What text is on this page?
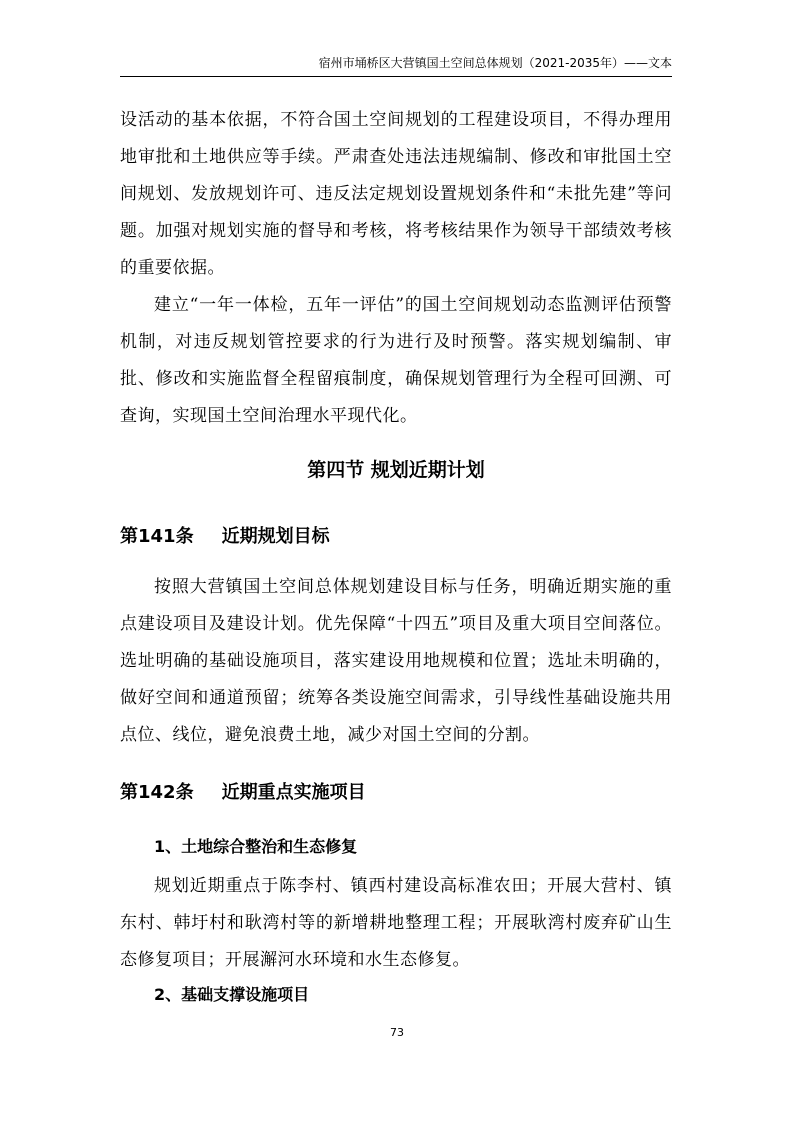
宿州市埇桥区大营镇国土空间总体规划（2021-2035年）——文本
设活动的基本依据，不符合国土空间规划的工程建设项目，不得办理用地审批和土地供应等手续。严肃查处违法违规编制、修改和审批国土空间规划、发放规划许可、违反法定规划设置规划条件和“未批先建”等问题。加强对规划实施的督导和考核，将考核结果作为领导干部绩效考核的重要依据。
建立“一年一体检，五年一评估”的国土空间规划动态监测评估预警机制，对违反规划管控要求的行为进行及时预警。落实规划编制、审批、修改和实施监督全程留痕制度，确保规划管理行为全程可回溯、可查询，实现国土空间治理水平现代化。
第四节 规划近期计划
第141条 近期规划目标
按照大营镇国土空间总体规划建设目标与任务，明确近期实施的重点建设项目及建设计划。优先保障“十四五”项目及重大项目空间落位。选址明确的基础设施项目，落实建设用地规模和位置；选址未明确的，做好空间和通道预留；统筹各类设施空间需求，引导线性基础设施共用点位、线位，避免浪费土地，减少对国土空间的分割。
第142条 近期重点实施项目
1、土地综合整治和生态修复
规划近期重点于陈李村、镇西村建设高标准农田；开展大营村、镇东村、韩圩村和耿湾村等的新增耕地整理工程；开展耿湾村废弃矿山生态修复项目；开展澥河水环境和水生态修复。
2、基础支撑设施项目
73
